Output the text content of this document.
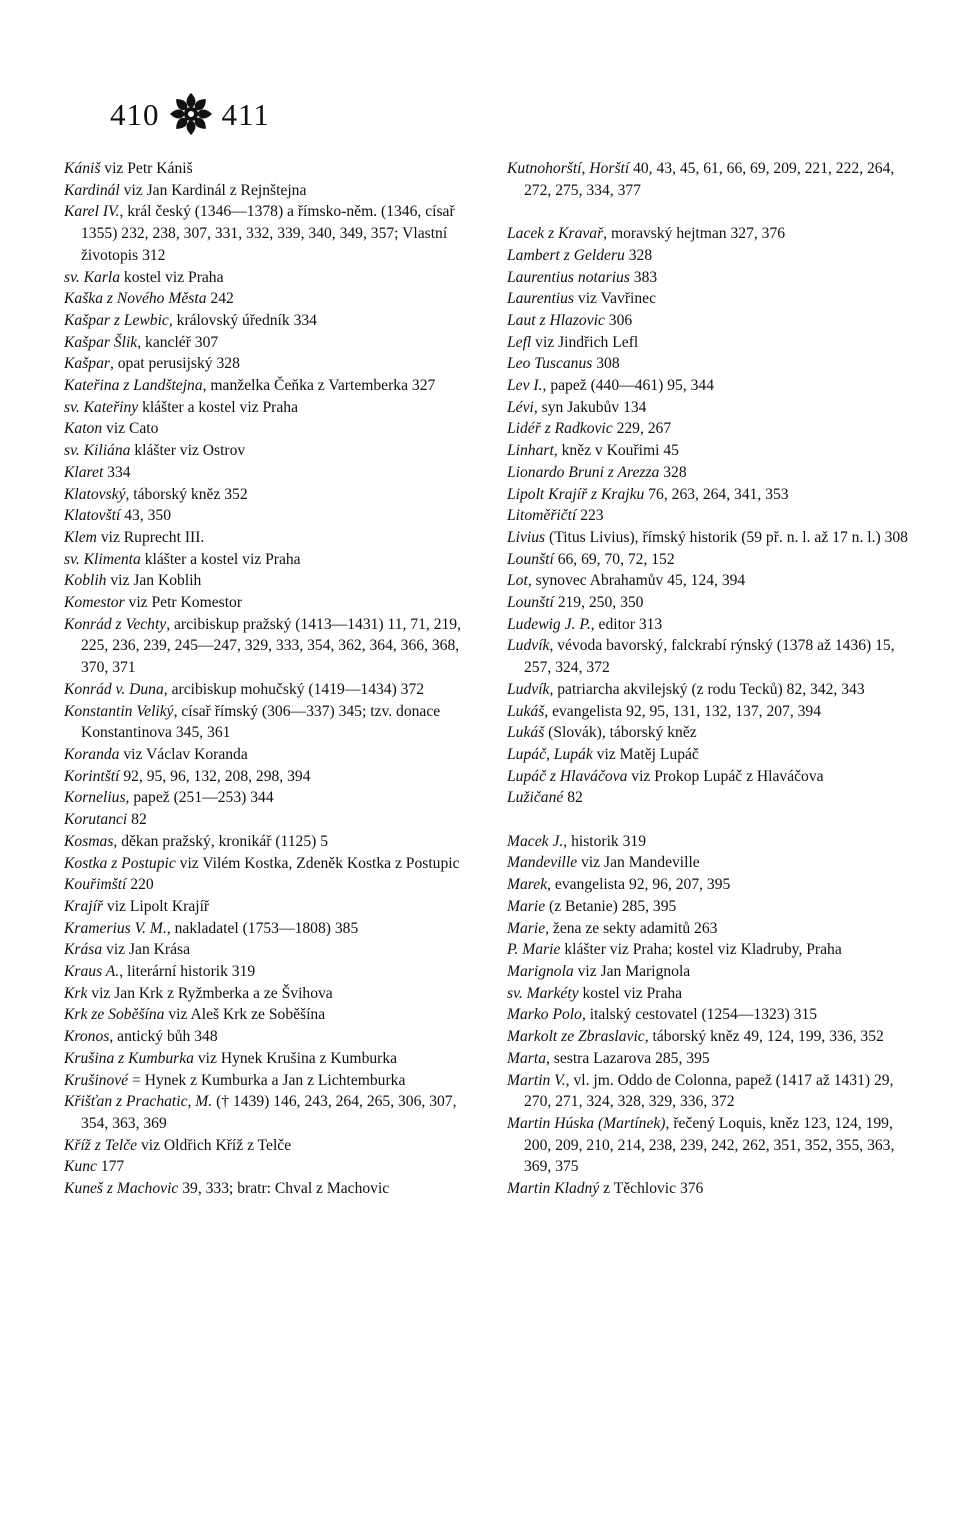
410 411

Kániš viz Petr Kániš

Kardinál viz Jan Kardinál z Rejnštejna

Karel IV., král český (1346—1378) a římsko-něm. (1346, císař 1355) 232, 238, 307, 331, 332, 339, 340, 349, 357; Vlastní životopis 312

sv. Karla kostel viz Praha

Kaška z Nového Města 242

Kašpar z Lewbic, královský úředník 334

Kašpar Šlik, kancléř 307

Kašpar, opat perusijský 328

Kateřina z Landštejna, manželka Čeňka z Vartemberka 327

sv. Kateřiny klášter a kostel viz Praha

Katon viz Cato

sv. Kiliána klášter viz Ostrov

Klaret 334

Klatovský, táborský kněz 352

Klatovští 43, 350

Klem viz Ruprecht III.

sv. Klimenta klášter a kostel viz Praha

Koblih viz Jan Koblih

Komestor viz Petr Komestor

Konrád z Vechty, arcibiskup pražský (1413—1431) 11, 71, 219, 225, 236, 239, 245—247, 329, 333, 354, 362, 364, 366, 368, 370, 371

Konrád v. Duna, arcibiskup mohučský (1419—1434) 372

Konstantin Veliký, císař římský (306—337) 345; tzv. donace Konstantinova 345, 361

Koranda viz Václav Koranda

Korintští 92, 95, 96, 132, 208, 298, 394

Kornelius, papež (251—253) 344

Korutanci 82

Kosmas, děkan pražský, kronikář (1125) 5

Kostka z Postupic viz Vilém Kostka, Zdeněk Kostka z Postupic

Kouřimští 220

Krajíř viz Lipolt Krajíř

Kramerius V. M., nakladatel (1753—1808) 385

Krása viz Jan Krása

Kraus A., literární historik 319

Krk viz Jan Krk z Ryžmberka a ze Švihova

Krk ze Soběšína viz Aleš Krk ze Soběšína

Kronos, antický bůh 348

Krušina z Kumburka viz Hynek Krušina z Kumburka

Krušinové = Hynek z Kumburka a Jan z Lichtemburka

Křišťan z Prachatic, M. († 1439) 146, 243, 264, 265, 306, 307, 354, 363, 369

Kříž z Telče viz Oldřich Kříž z Telče

Kunc 177

Kuneš z Machovic 39, 333; bratr: Chval z Machovic

Kutnohorští, Horští 40, 43, 45, 61, 66, 69, 209, 221, 222, 264, 272, 275, 334, 377

Lacek z Kravař, moravský hejtman 327, 376

Lambert z Gelderu 328

Laurentius notarius 383

Laurentius viz Vavřinec

Laut z Hlazovic 306

Lefl viz Jindřich Lefl

Leo Tuscanus 308

Lev I., papež (440—461) 95, 344

Lévi, syn Jakubův 134

Lidéř z Radkovic 229, 267

Linhart, kněz v Kouřimi 45

Lionardo Bruni z Arezza 328

Lipolt Krajíř z Krajku 76, 263, 264, 341, 353

Litoměřičtí 223

Livius (Titus Livius), římský historik (59 př. n. l. až 17 n. l.) 308

Lounští 66, 69, 70, 72, 152

Lot, synovec Abrahamův 45, 124, 394

Lounští 219, 250, 350

Ludewig J. P., editor 313

Ludvík, vévoda bavorský, falckrabí rýnský (1378 až 1436) 15, 257, 324, 372

Ludvík, patriarcha akvilejský (z rodu Tecků) 82, 342, 343

Lukáš, evangelista 92, 95, 131, 132, 137, 207, 394

Lukáš (Slovák), táborský kněz

Lupáč, Lupák viz Matěj Lupáč

Lupáč z Hlaváčova viz Prokop Lupáč z Hlaváčova

Lužičané 82

Macek J., historik 319

Mandeville viz Jan Mandeville

Marek, evangelista 92, 96, 207, 395

Marie (z Betanie) 285, 395

Marie, žena ze sekty adamitů 263

P. Marie klášter viz Praha; kostel viz Kladruby, Praha

Marignola viz Jan Marignola

sv. Markéty kostel viz Praha

Marko Polo, italský cestovatel (1254—1323) 315

Markolt ze Zbraslavic, táborský kněz 49, 124, 199, 336, 352

Marta, sestra Lazarova 285, 395

Martin V., vl. jm. Oddo de Colonna, papež (1417 až 1431) 29, 270, 271, 324, 328, 329, 336, 372

Martin Húska (Martínek), řečený Loquis, kněz 123, 124, 199, 200, 209, 210, 214, 238, 239, 242, 262, 351, 352, 355, 363, 369, 375

Martin Kladný z Těchlovic 376
